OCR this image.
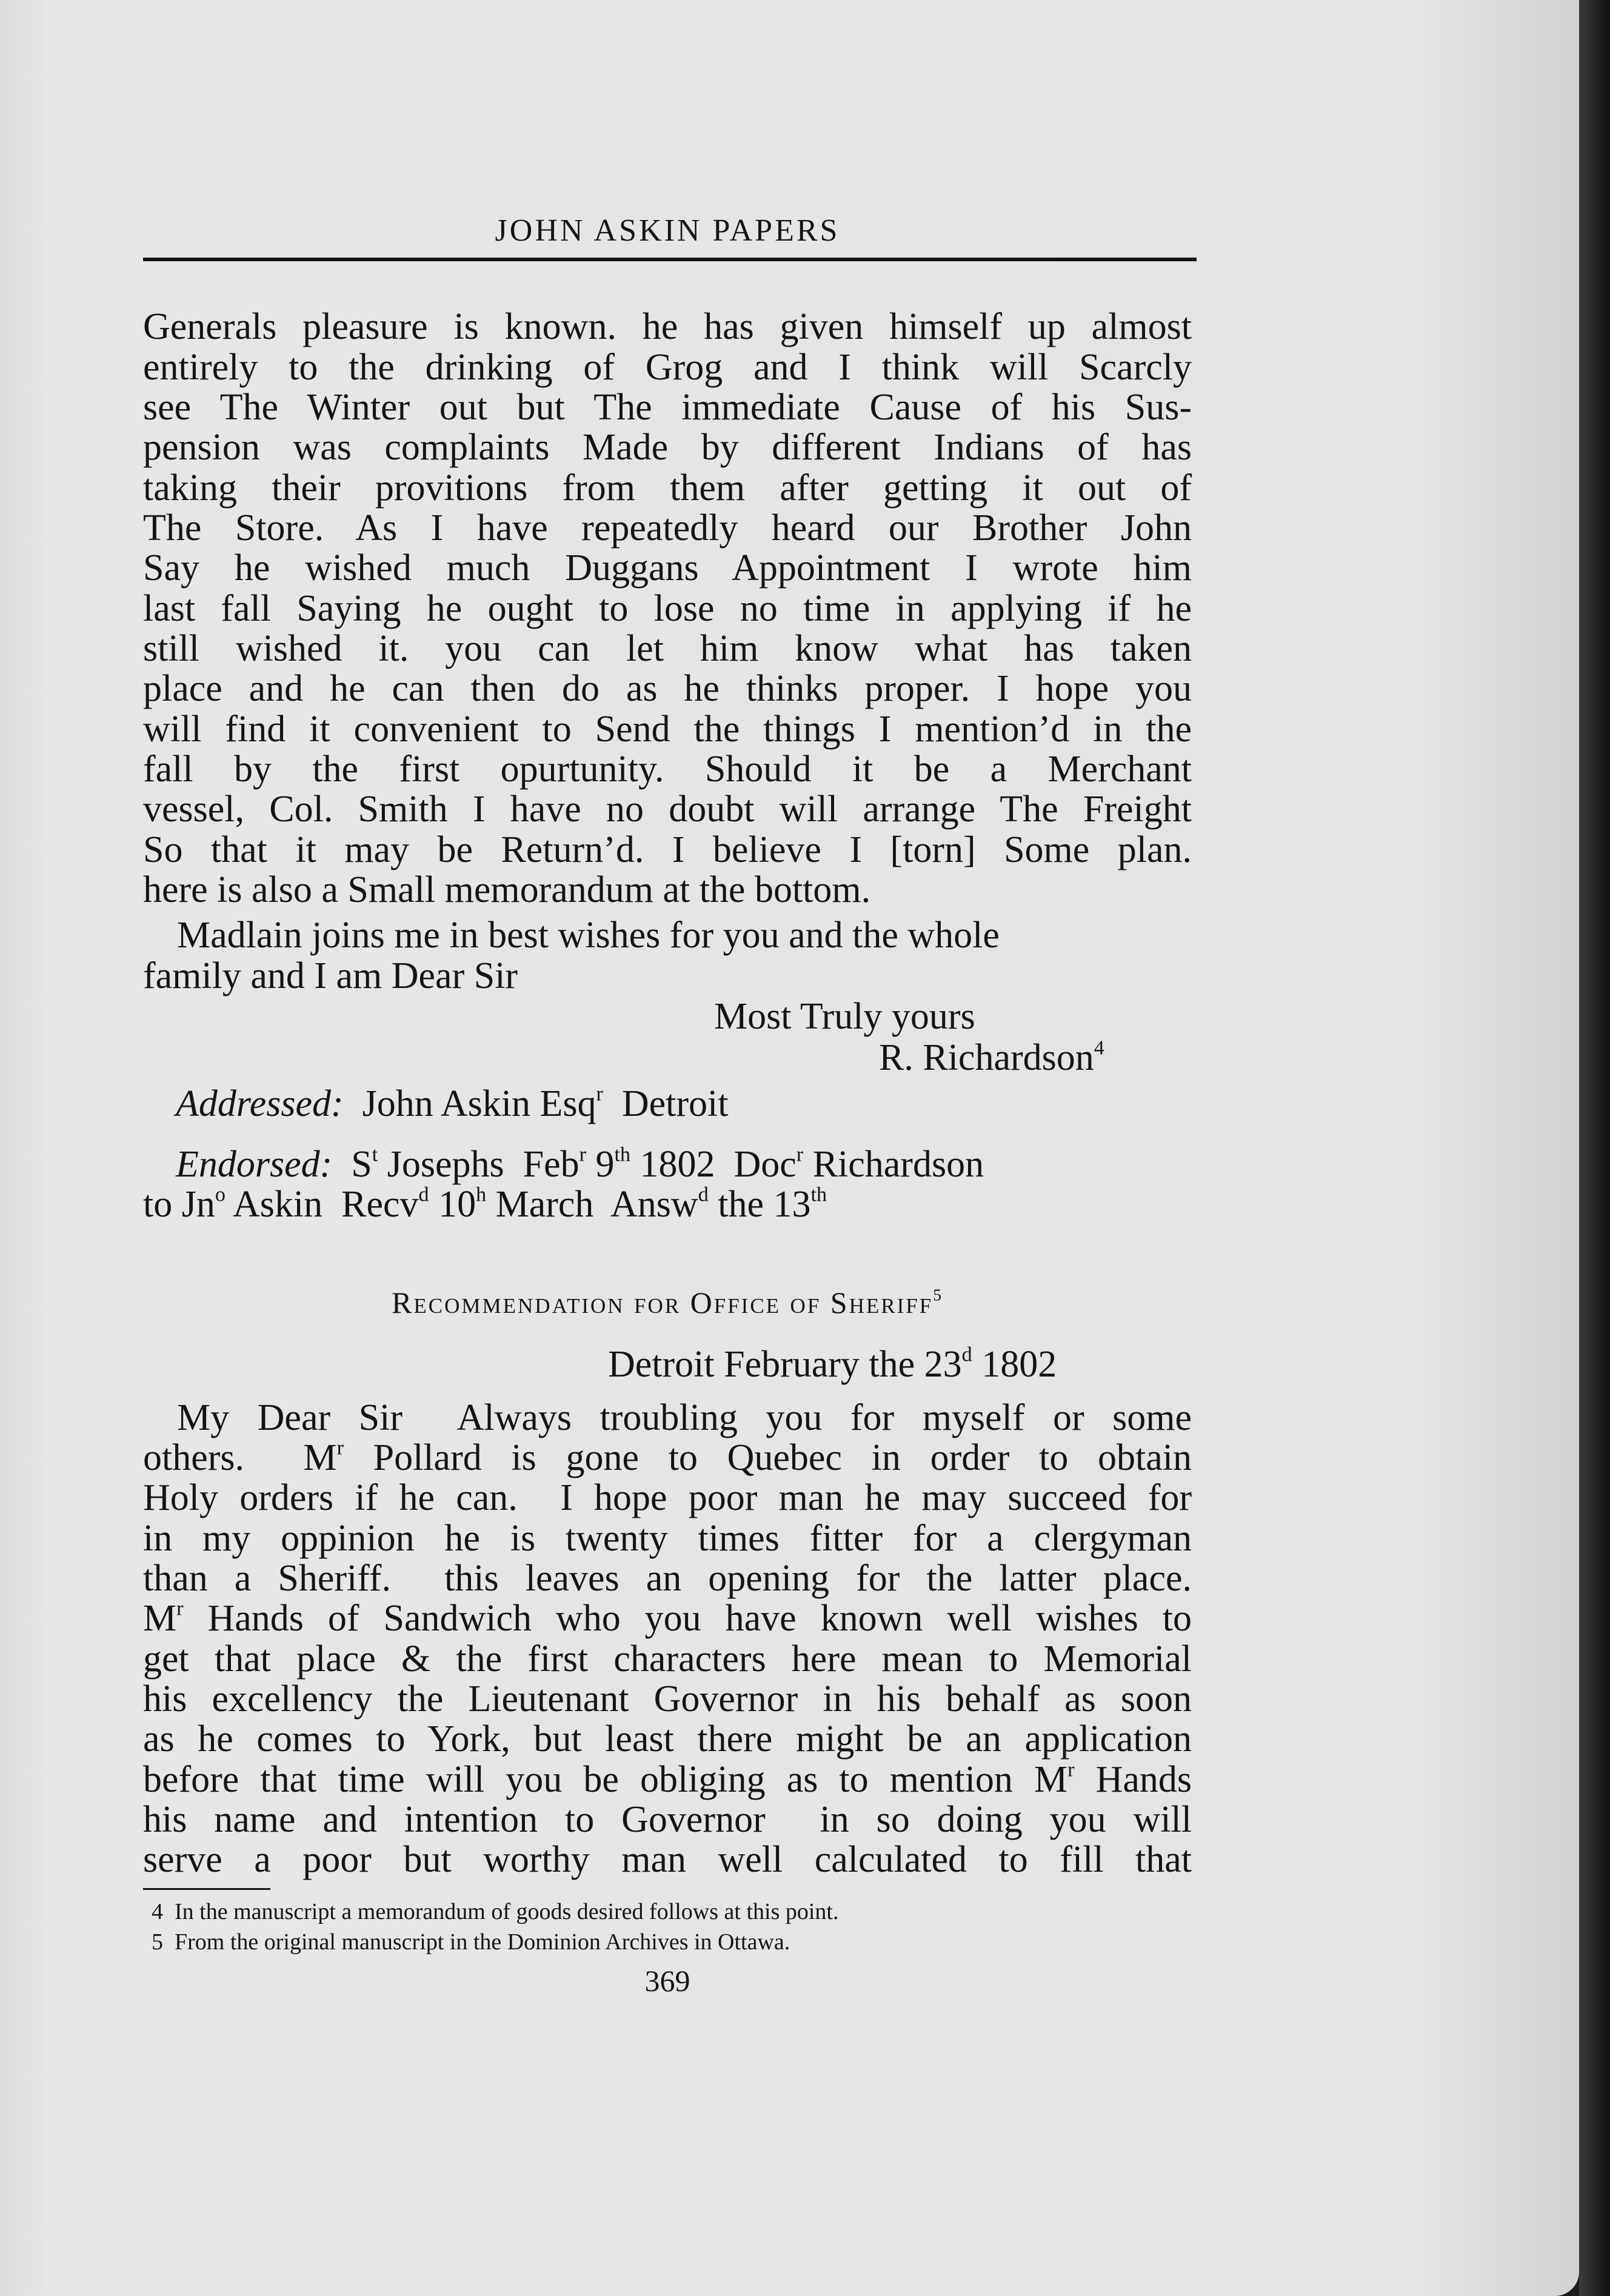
JOHN ASKIN PAPERS
Generals pleasure is known. he has given himself up almost
entirely to the drinking of Grog and I think will Scarcly
see The Winter out but The immediate Cause of his Sus-
pension was complaints Made by different Indians of has
taking their provitions from them after getting it out of
The Store. As I have repeatedly heard our Brother John
Say he wished much Duggans Appointment I wrote him
last fall Saying he ought to lose no time in applying if he
still wished it. you can let him know what has taken
place and he can then do as he thinks proper. I hope you
will find it convenient to Send the things I mention’d in the
fall by the first opurtunity. Should it be a Merchant
vessel, Col. Smith I have no doubt will arrange The Freight
So that it may be Return’d. I believe I [torn] Some plan.
here is also a Small memorandum at the bottom.
Madlain joins me in best wishes for you and the whole
family and I am Dear Sir
Most Truly yours
R. Richardson$^4$
Addressed: John Askin Esq$^r$ Detroit
Endorsed: $S^t$ Josephs  Feb$^r$ 9th 1802  Doc$^r$ Richardson
to Jn$^o$ Askin  Recv$^d$ 10$^h$ March  Answ$^d$ the 13th
Recommendation for Office of Sheriff$^5$
Detroit February the 23$^d$ 1802
My Dear Sir  Always troubling you for myself or some
others.  $M^r$ Pollard is gone to Quebec in order to obtain
Holy orders if he can.  I hope poor man he may succeed for
in my oppinion he is twenty times fitter for a clergyman
than a Sheriff.  this leaves an opening for the latter place.
$M^r$ Hands of Sandwich who you have known well wishes to
get that place & the first characters here mean to Memorial
his excellency the Lieutenant Governor in his behalf as soon
as he comes to York, but least there might be an application
before that time will you be obliging as to mention $M^r$ Hands
his name and intention to Governor  in so doing you will
serve a poor but worthy man well calculated to fill that
4 In the manuscript a memorandum of goods desired follows at this point.
5 From the original manuscript in the Dominion Archives in Ottawa.
369
